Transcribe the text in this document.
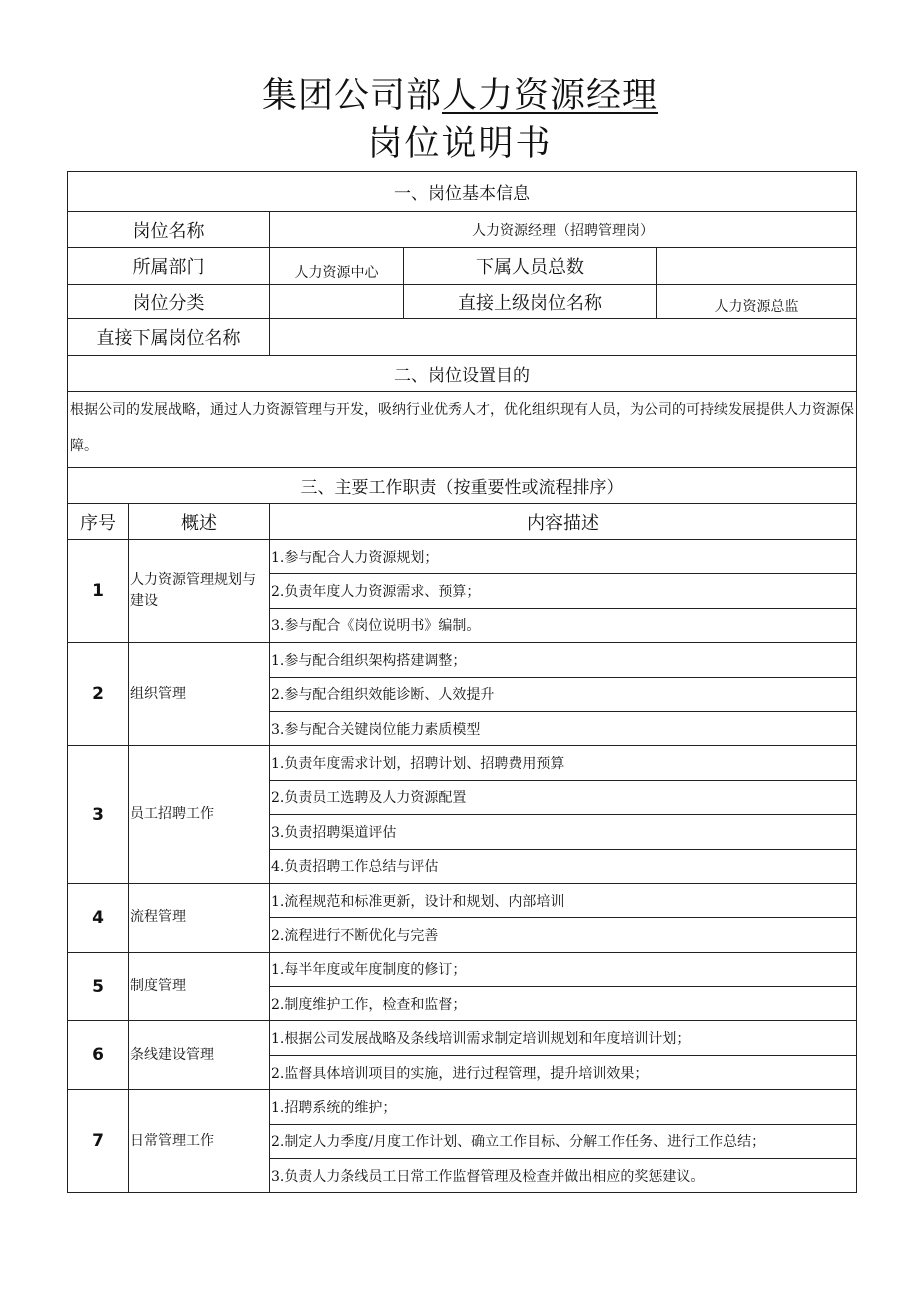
集团公司部人力资源经理
岗位说明书
一、岗位基本信息				
岗位名称		人力资源经理（招聘管理岗）		
所属部门		人力资源中心	下属人员总数	
岗位分类			直接上级岗位名称	人力资源总监
直接下属岗位名称				
二、岗位设置目的				
根据公司的发展战略，通过人力资源管理与开发，吸纳行业优秀人才，优化组织现有人员，为公司的可持续发展提供人力资源保障。				
三、主要工作职责（按重要性或流程排序）				
序号	概述	内容描述		
1	人力资源管理规划与建设	1.参与配合人力资源规划；		
		2.负责年度人力资源需求、预算；		
		3.参与配合《岗位说明书》编制。		
2	组织管理	1.参与配合组织架构搭建调整；		
		2.参与配合组织效能诊断、人效提升		
		3.参与配合关键岗位能力素质模型		
3	员工招聘工作	1.负责年度需求计划，招聘计划、招聘费用预算		
		2.负责员工选聘及人力资源配置		
		3.负责招聘渠道评估		
		4.负责招聘工作总结与评估		
4	流程管理	1.流程规范和标准更新，设计和规划、内部培训		
		2.流程进行不断优化与完善		
5	制度管理	1.每半年度或年度制度的修订；		
		2.制度维护工作，检查和监督；		
6	条线建设管理	1.根据公司发展战略及条线培训需求制定培训规划和年度培训计划；		
		2.监督具体培训项目的实施，进行过程管理，提升培训效果；		
7	日常管理工作	1.招聘系统的维护；		
		2.制定人力季度/月度工作计划、确立工作目标、分解工作任务、进行工作总结；		
		3.负责人力条线员工日常工作监督管理及检查并做出相应的奖惩建议。		
